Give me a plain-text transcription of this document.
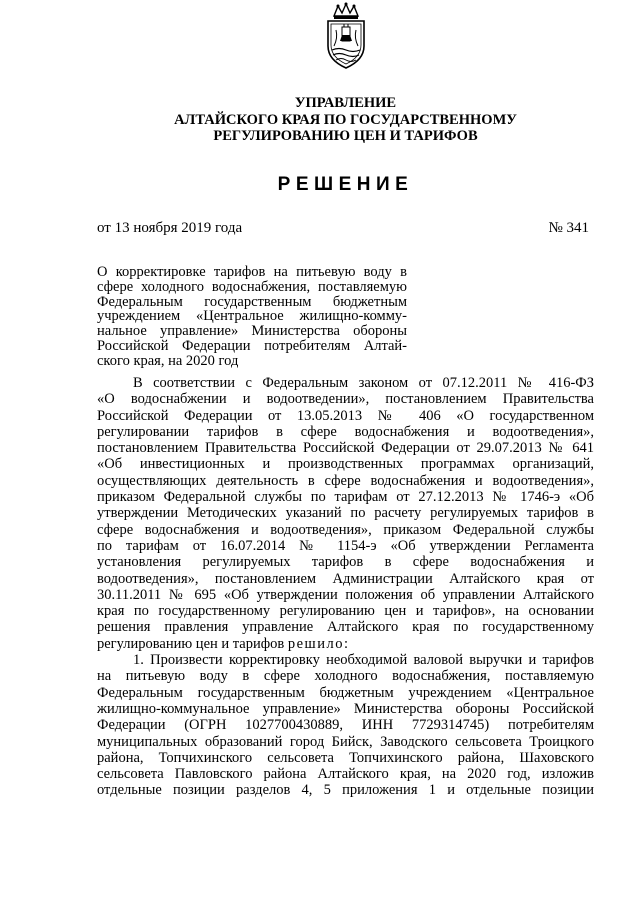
УПРАВЛЕНИЕ
АЛТАЙСКОГО КРАЯ ПО ГОСУДАРСТВЕННОМУ
РЕГУЛИРОВАНИЮ ЦЕН И ТАРИФОВ
РЕШЕНИЕ
от 13 ноября 2019 года	№ 341
О корректировке тарифов на питьевую воду в
сфере холодного водоснабжения, поставляемую
Федеральным государственным бюджетным
учреждением «Центральное жилищно-комму-
нальное управление» Министерства обороны
Российской Федерации потребителям Алтай-
ского края, на 2020 год
В соответствии с Федеральным законом от 07.12.2011 № 416-ФЗ
«О водоснабжении и водоотведении», постановлением Правительства
Российской Федерации от 13.05.2013 № 406 «О государственном
регулировании тарифов в сфере водоснабжения и водоотведения»,
постановлением Правительства Российской Федерации от 29.07.2013 № 641
«Об инвестиционных и производственных программах организаций,
осуществляющих деятельность в сфере водоснабжения и водоотведения»,
приказом Федеральной службы по тарифам от 27.12.2013 № 1746-э «Об
утверждении Методических указаний по расчету регулируемых тарифов в
сфере водоснабжения и водоотведения», приказом Федеральной службы
по тарифам от 16.07.2014 № 1154-э «Об утверждении Регламента
установления регулируемых тарифов в сфере водоснабжения и
водоотведения», постановлением Администрации Алтайского края от
30.11.2011 № 695 «Об утверждении положения об управлении Алтайского
края по государственному регулированию цен и тарифов», на основании
решения правления управление Алтайского края по государственному
регулированию цен и тарифов решило:
1. Произвести корректировку необходимой валовой выручки и тарифов
на питьевую воду в сфере холодного водоснабжения, поставляемую
Федеральным государственным бюджетным учреждением «Центральное
жилищно-коммунальное управление» Министерства обороны Российской
Федерации (ОГРН 1027700430889, ИНН 7729314745) потребителям
муниципальных образований город Бийск, Заводского сельсовета Троицкого
района, Топчихинского сельсовета Топчихинского района, Шаховского
сельсовета Павловского района Алтайского края, на 2020 год, изложив
отдельные позиции разделов 4, 5 приложения 1 и отдельные позиции
